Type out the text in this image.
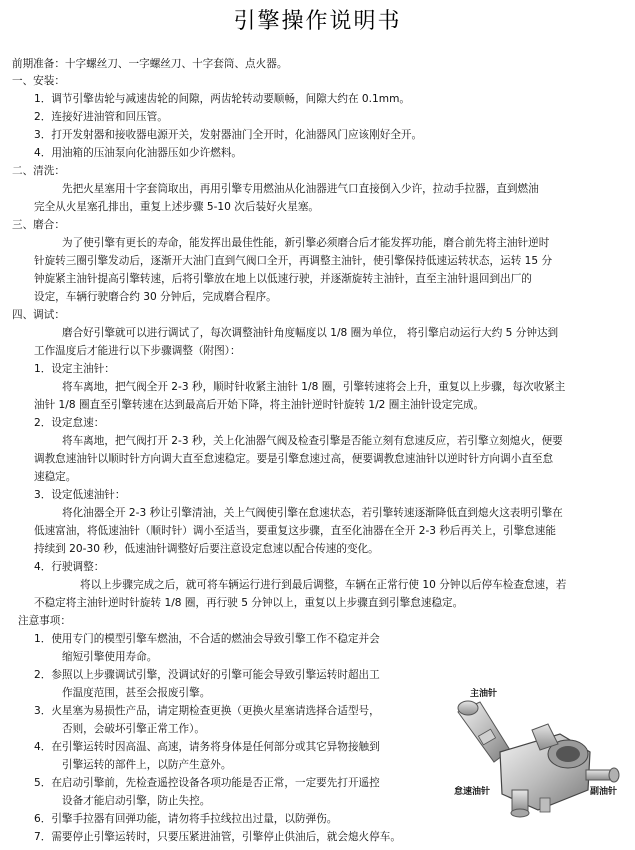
引擎操作说明书
前期准备：十字螺丝刀、一字螺丝刀、十字套筒、点火器。
一、安装：
1．调节引擎齿轮与减速齿轮的间隙，两齿轮转动要顺畅，间隙大约在 0.1mm。
2．连接好进油管和回压管。
3．打开发射器和接收器电源开关，发射器油门全开时，化油器风门应该刚好全开。
4．用油箱的压油泵向化油器压如少许燃料。
二、清洗：
先把火星塞用十字套筒取出，再用引擎专用燃油从化油器进气口直接倒入少许，拉动手拉器，直到燃油
完全从火星塞孔排出，重复上述步骤 5-10 次后装好火星塞。
三、磨合：
为了使引擎有更长的寿命，能发挥出最佳性能，新引擎必须磨合后才能发挥功能，磨合前先将主油针逆时
针旋转三圈引擎发动后，逐渐开大油门直到气阀口全开，再调整主油针，使引擎保持低速运转状态，运转 15 分
钟旋紧主油针提高引擎转速，后将引擎放在地上以低速行驶，并逐渐旋转主油针，直至主油针退回到出厂的
设定，车辆行驶磨合约 30 分钟后，完成磨合程序。
四、调试：
磨合好引擎就可以进行调试了，每次调整油针角度幅度以 1/8 圈为单位， 将引擎启动运行大约 5 分钟达到
工作温度后才能进行以下步骤调整（附图）：
1．设定主油针：
将车离地，把气阀全开 2-3 秒，顺时针收紧主油针 1/8 圈，引擎转速将会上升，重复以上步骤，每次收紧主
油针 1/8 圈直至引擎转速在达到最高后开始下降，将主油针逆时针旋转 1/2 圈主油针设定完成。
2．设定怠速：
将车离地，把气阀打开 2-3 秒，关上化油器气阀及检查引擎是否能立刻有怠速反应，若引擎立刻熄火，便要
调教怠速油针以顺时针方向调大直至怠速稳定。要是引擎怠速过高，便要调教怠速油针以逆时针方向调小直至怠
速稳定。
3．设定低速油针：
将化油器全开 2-3 秒让引擎清油，关上气阀使引擎在怠速状态，若引擎转速逐渐降低直到熄火这表明引擎在
低速富油，将低速油针（顺时针）调小至适当，要重复这步骤，直至化油器在全开 2-3 秒后再关上，引擎怠速能
持续到 20-30 秒，低速油针调整好后要注意设定怠速以配合传速的变化。
4．行驶调整：
将以上步骤完成之后，就可将车辆运行进行到最后调整，车辆在正常行使 10 分钟以后停车检查怠速，若
不稳定将主油针逆时针旋转 1/8 圈，再行驶 5 分钟以上，重复以上步骤直到引擎怠速稳定。
注意事项：
1．使用专门的模型引擎车燃油，不合适的燃油会导致引擎工作不稳定并会
缩短引擎使用寿命。
2．参照以上步骤调试引擎，没调试好的引擎可能会导致引擎运转时超出工
作温度范围，甚至会报废引擎。
3．火星塞为易损性产品，请定期检查更换（更换火星塞请选择合适型号，
否则，会破坏引擎正常工作）。
4．在引擎运转时因高温、高速，请务将身体是任何部分或其它异物接触到
引擎运转的部件上，以防产生意外。
5．在启动引擎前，先检查遥控设备各项功能是否正常，一定要先打开遥控
设备才能启动引擎，防止失控。
6．引擎手拉器有回弹功能，请勿将手拉线拉出过量，以防弹伤。
7．需要停止引擎运转时，只要压紧进油管，引擎停止供油后，就会熄火停车。
主油针
怠速油针	副油针
